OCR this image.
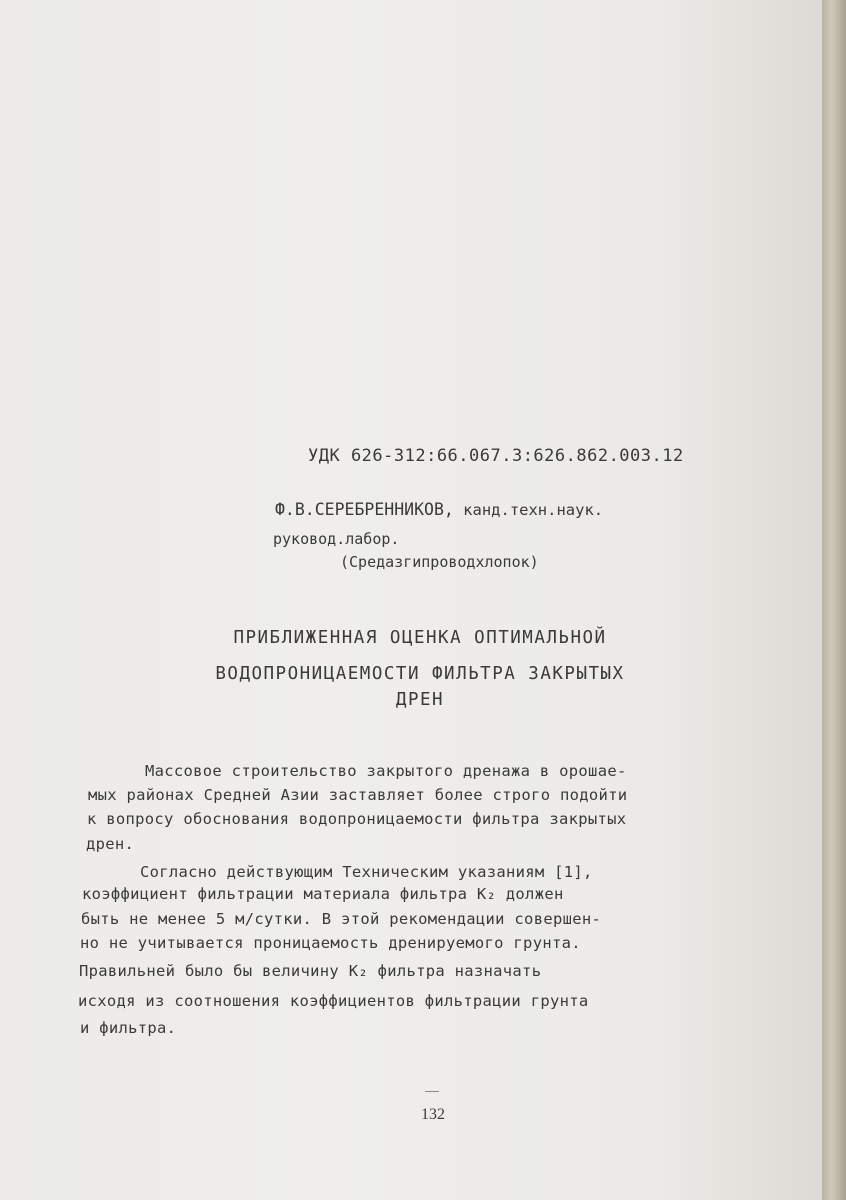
УДК 626-312:66.067.3:626.862.003.12
Ф.В.СЕРЕБРЕННИКОВ, канд.техн.наук.
руковод.лабор.
(Средазгипроводхлопок)
ПРИБЛИЖЕННАЯ ОЦЕНКА ОПТИМАЛЬНОЙ
ВОДОПРОНИЦАЕМОСТИ ФИЛЬТРА ЗАКРЫТЫХ
ДРЕН
Массовое строительство закрытого дренажа в орошае-
мых районах Средней Азии заставляет более строго подойти
к вопросу обоснования водопроницаемости фильтра закрытых
дрен.
Согласно действующим Техническим указаниям [1],
коэффициент фильтрации материала фильтра K₂ должен
быть не менее 5 м/сутки. В этой рекомендации совершен-
но не учитывается проницаемость дренируемого грунта.
Правильней было бы величину K₂ фильтра назначать
исходя из соотношения коэффициентов фильтрации грунта
и фильтра.
132
